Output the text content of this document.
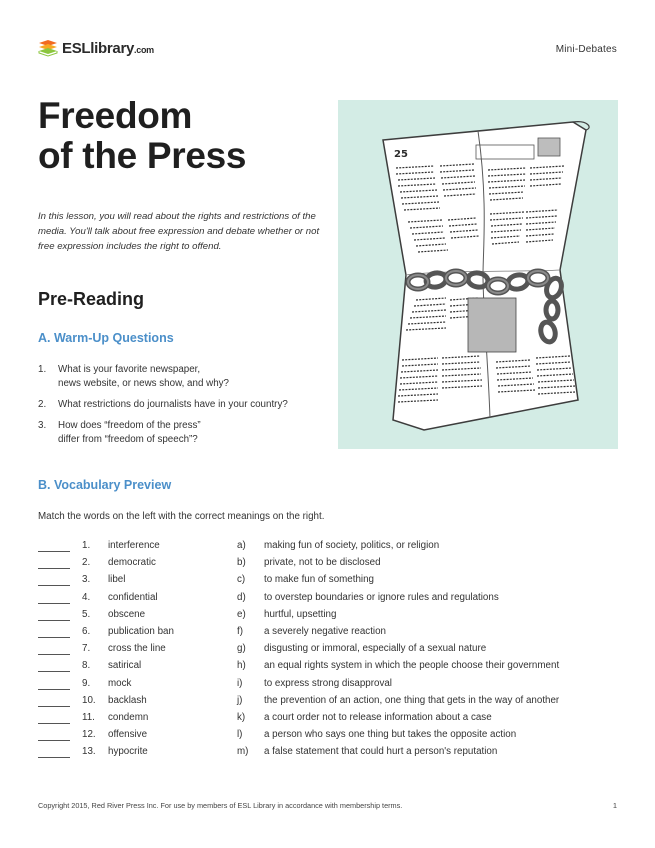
ESLlibrary.com	Mini-Debates
Freedom
of the Press
In this lesson, you will read about the rights and restrictions of the media. You'll talk about free expression and debate whether or not free expression includes the right to offend.
25
Pre-Reading
A. Warm-Up Questions
1. What is your favorite newspaper,
news website, or news show, and why?
2. What restrictions do journalists have in your country?
3. How does “freedom of the press”
differ from “freedom of speech”?
B. Vocabulary Preview
Match the words on the left with the correct meanings on the right.
1. interference	a) making fun of society, politics, or religion
2. democratic	b) private, not to be disclosed
3. libel	c) to make fun of something
4. confidential	d) to overstep boundaries or ignore rules and regulations
5. obscene	e) hurtful, upsetting
6. publication ban	f) a severely negative reaction
7. cross the line	g) disgusting or immoral, especially of a sexual nature
8. satirical	h) an equal rights system in which the people choose their government
9. mock	i) to express strong disapproval
10. backlash	j) the prevention of an action, one thing that gets in the way of another
11. condemn	k) a court order not to release information about a case
12. offensive	l) a person who says one thing but takes the opposite action
13. hypocrite	m) a false statement that could hurt a person's reputation
Copyright 2015, Red River Press Inc. For use by members of ESL Library in accordance with membership terms.	1
